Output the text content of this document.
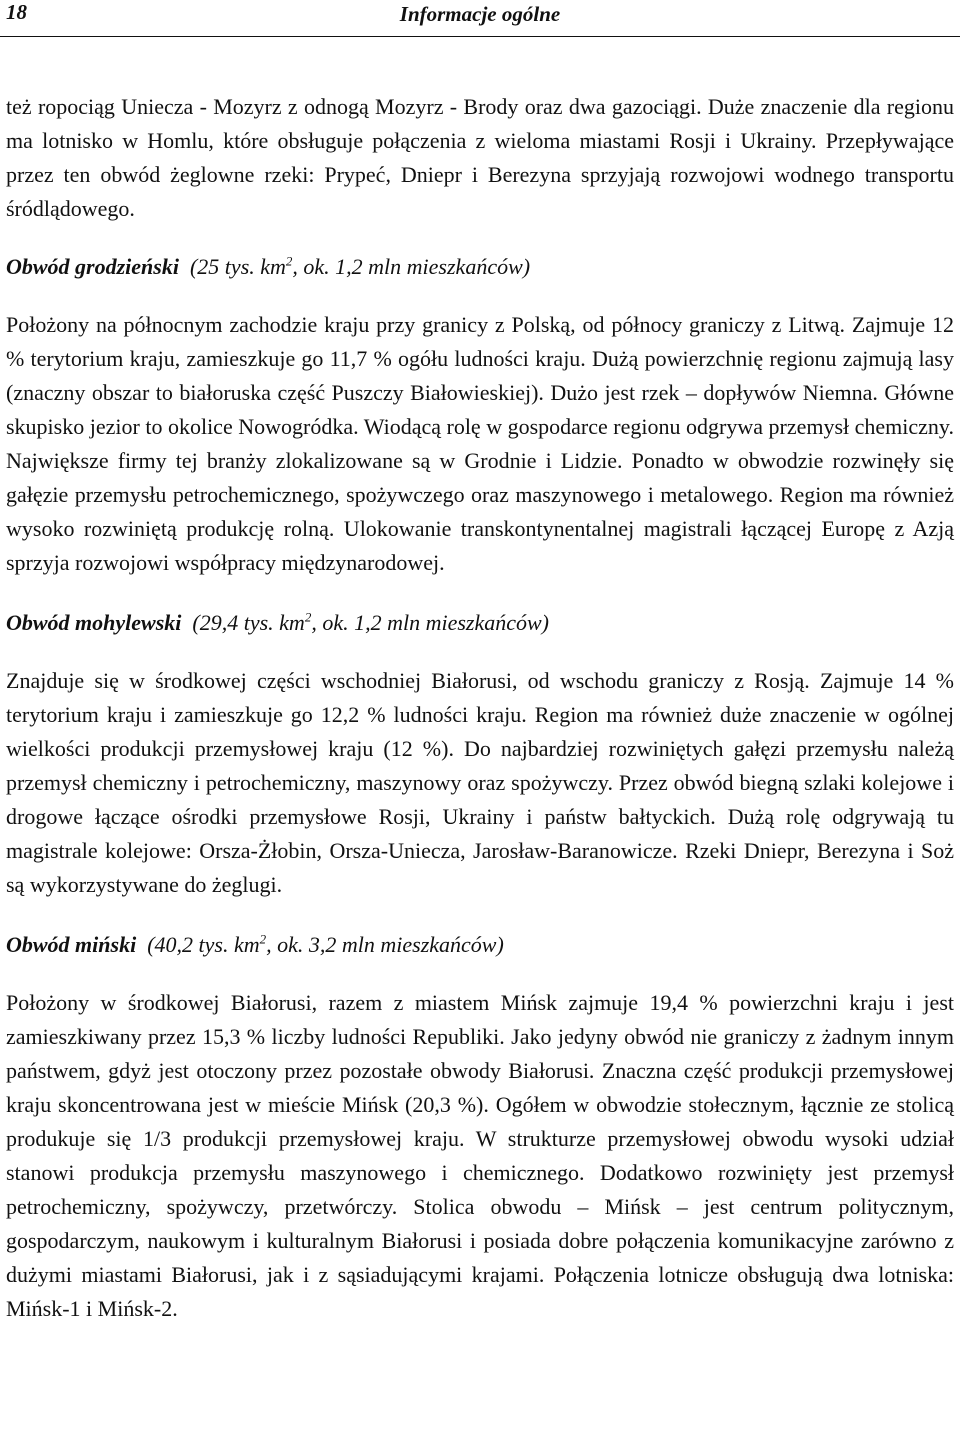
18	Informacje ogólne

też ropociąg Uniecza - Mozyrz z odnogą Mozyrz - Brody oraz dwa gazociągi. Duże znaczenie dla regionu ma lotnisko w Homlu, które obsługuje połączenia z wieloma miastami Rosji i Ukrainy. Przepływające przez ten obwód żeglowne rzeki: Prypeć, Dniepr i Berezyna sprzyjają rozwojowi wodnego transportu śródlądowego.

Obwód grodzieński (25 tys. $km^2$, ok. 1,2 mln mieszkańców)

Położony na północnym zachodzie kraju przy granicy z Polską, od północy graniczy z Litwą. Zajmuje 12 % terytorium kraju, zamieszkuje go 11,7 % ogółu ludności kraju. Dużą powierzchnię regionu zajmują lasy (znaczny obszar to białoruska część Puszczy Białowieskiej). Dużo jest rzek – dopływów Niemna. Główne skupisko jezior to okolice Nowogródka. Wiodącą rolę w gospodarce regionu odgrywa przemysł chemiczny. Największe firmy tej branży zlokalizowane są w Grodnie i Lidzie. Ponadto w obwodzie rozwinęły się gałęzie przemysłu petrochemicznego, spożywczego oraz maszynowego i metalowego. Region ma również wysoko rozwiniętą produkcję rolną. Ulokowanie transkontynentalnej magistrali łączącej Europę z Azją sprzyja rozwojowi współpracy międzynarodowej.

Obwód mohylewski (29,4 tys. $km^2$, ok. 1,2 mln mieszkańców)

Znajduje się w środkowej części wschodniej Białorusi, od wschodu graniczy z Rosją. Zajmuje 14 % terytorium kraju i zamieszkuje go 12,2 % ludności kraju. Region ma również duże znaczenie w ogólnej wielkości produkcji przemysłowej kraju (12 %). Do najbardziej rozwiniętych gałęzi przemysłu należą przemysł chemiczny i petrochemiczny, maszynowy oraz spożywczy. Przez obwód biegną szlaki kolejowe i drogowe łączące ośrodki przemysłowe Rosji, Ukrainy i państw bałtyckich. Dużą rolę odgrywają tu magistrale kolejowe: Orsza-Żłobin, Orsza-Uniecza, Jarosław-Baranowicze. Rzeki Dniepr, Berezyna i Soż są wykorzystywane do żeglugi.

Obwód miński (40,2 tys. $km^2$, ok. 3,2 mln mieszkańców)

Położony w środkowej Białorusi, razem z miastem Mińsk zajmuje 19,4 % powierzchni kraju i jest zamieszkiwany przez 15,3 % liczby ludności Republiki. Jako jedyny obwód nie graniczy z żadnym innym państwem, gdyż jest otoczony przez pozostałe obwody Białorusi. Znaczna część produkcji przemysłowej kraju skoncentrowana jest w mieście Mińsk (20,3 %). Ogółem w obwodzie stołecznym, łącznie ze stolicą produkuje się 1/3 produkcji przemysłowej kraju. W strukturze przemysłowej obwodu wysoki udział stanowi produkcja przemysłu maszynowego i chemicznego. Dodatkowo rozwinięty jest przemysł petrochemiczny, spożywczy, przetwórczy. Stolica obwodu – Mińsk – jest centrum politycznym, gospodarczym, naukowym i kulturalnym Białorusi i posiada dobre połączenia komunikacyjne zarówno z dużymi miastami Białorusi, jak i z sąsiadującymi krajami. Połączenia lotnicze obsługują dwa lotniska: Mińsk-1 i Mińsk-2.
